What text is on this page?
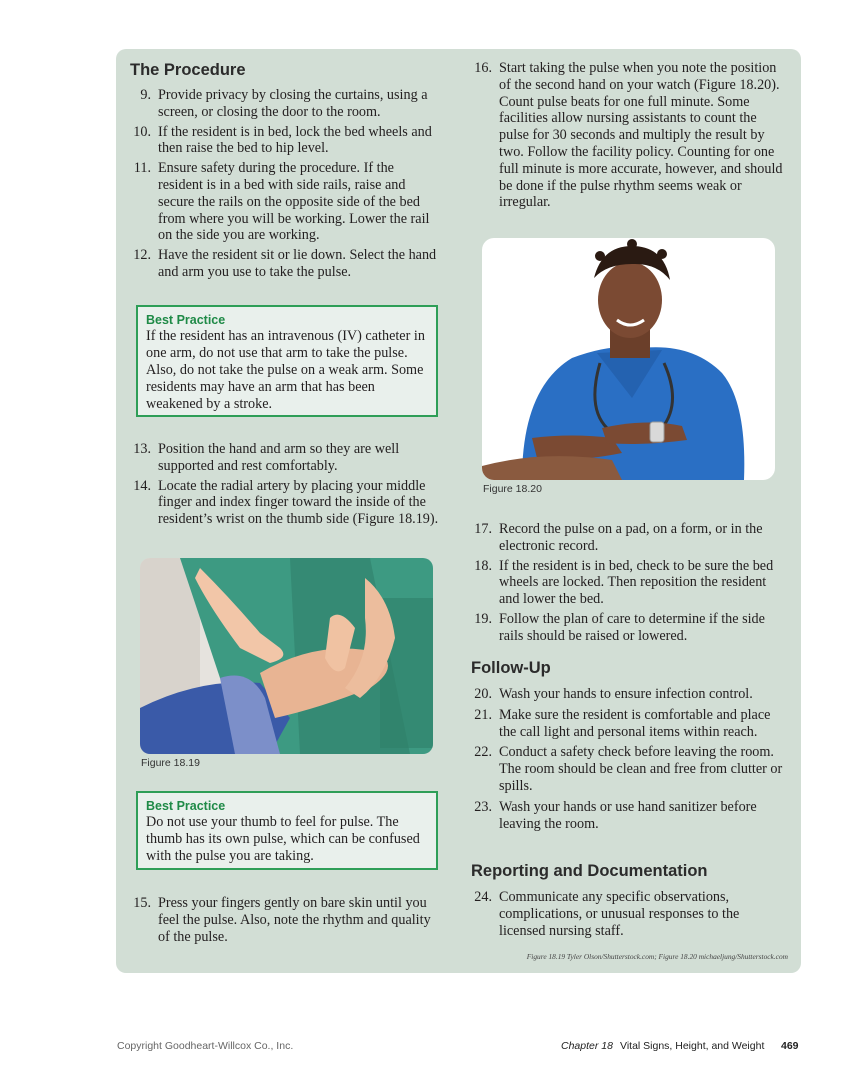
The Procedure

9. Provide privacy by closing the curtains, using a screen, or closing the door to the room.

10. If the resident is in bed, lock the bed wheels and then raise the bed to hip level.

11. Ensure safety during the procedure. If the resident is in a bed with side rails, raise and secure the rails on the opposite side of the bed from where you will be working. Lower the rail on the side you are working.

12. Have the resident sit or lie down. Select the hand and arm you use to take the pulse.

Best Practice
If the resident has an intravenous (IV) catheter in one arm, do not use that arm to take the pulse. Also, do not take the pulse on a weak arm. Some residents may have an arm that has been weakened by a stroke.

13. Position the hand and arm so they are well supported and rest comfortably.

14. Locate the radial artery by placing your middle finger and index finger toward the inside of the resident’s wrist on the thumb side (Figure 18.19).

Figure 18.19
Best Practice
Do not use your thumb to feel for pulse. The thumb has its own pulse, which can be confused with the pulse you are taking.

15. Press your fingers gently on bare skin until you feel the pulse. Also, note the rhythm and quality of the pulse.

16. Start taking the pulse when you note the position of the second hand on your watch (Figure 18.20). Count pulse beats for one full minute. Some facilities allow nursing assistants to count the pulse for 30 seconds and multiply the result by two. Follow the facility policy. Counting for one full minute is more accurate, however, and should be done if the pulse rhythm seems weak or irregular.

Figure 18.20

17. Record the pulse on a pad, on a form, or in the electronic record.

18. If the resident is in bed, check to be sure the bed wheels are locked. Then reposition the resident and lower the bed.

19. Follow the plan of care to determine if the side rails should be raised or lowered.

Follow-Up

20. Wash your hands to ensure infection control.

21. Make sure the resident is comfortable and place the call light and personal items within reach.

22. Conduct a safety check before leaving the room. The room should be clean and free from clutter or spills.

23. Wash your hands or use hand sanitizer before leaving the room.

Reporting and Documentation

24. Communicate any specific observations, complications, or unusual responses to the licensed nursing staff.

Figure 18.19 Tyler Olson/Shutterstock.com; Figure 18.20 michaeljung/Shutterstock.com
Copyright Goodheart-Willcox Co., Inc.	Chapter 18 Vital Signs, Height, and Weight 469
